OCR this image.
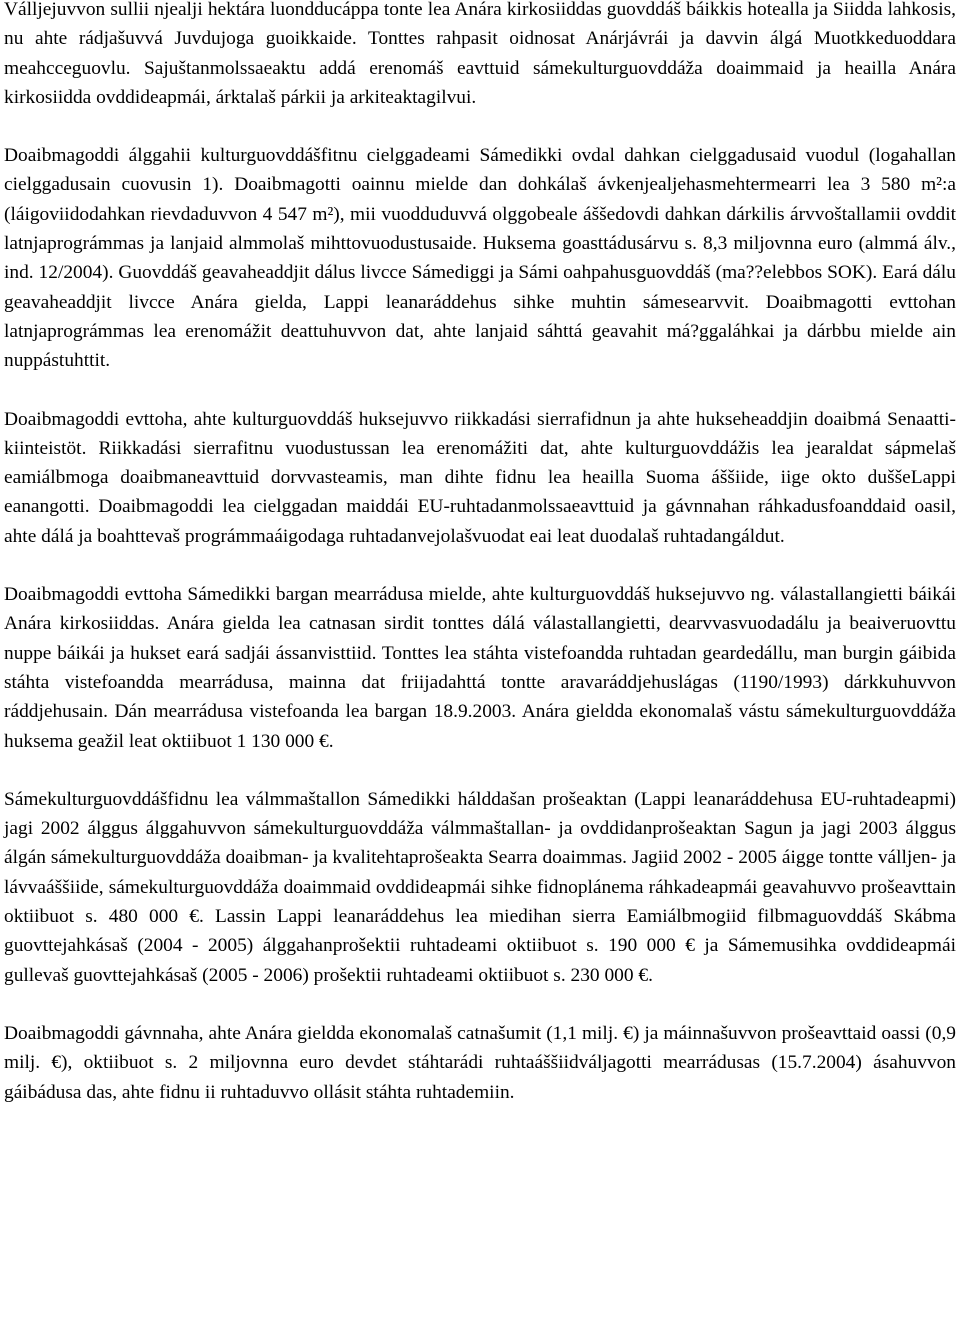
Válljejuvvon sullii njealji hektára luondducáppa tonte lea Anára kirkosiiddas guovddáš báikkis hotealla ja Siidda lahkosis, nu ahte rádjašuvvá Juvdujoga guoikkaide. Tonttes rahpasit oidnosat Anárjávrái ja davvin álgá Muotkkeduoddara meahcceguovlu. Sajuštanmolssaeaktu addá erenomáš eavttuid sámekulturguovddáža doaimmaid ja heailla Anára kirkosiidda ovddideapmái, árktalaš párkii ja arkiteaktagilvui.

Doaibmagoddi álggahii kulturguovddášfitnu cielggadeami Sámedikki ovdal dahkan cielggadusaid vuodul (logahallan cielggadusain cuovusin 1). Doaibmagotti oainnu mielde dan dohkálaš ávkenjealjehasmehtermearri lea 3 580 m²:a (láigoviidodahkan rievdaduvvon 4 547 m²), mii vuodduduvvá olggobeale áššedovdi dahkan dárkilis árvvoštallamii ovddit latnjaprográmmas ja lanjaid almmolaš mihttovuodustusaide. Huksema goasttádusárvu s. 8,3 miljovnna euro (almmá álv., ind. 12/2004). Guovddáš geavaheaddjit dálus livcce Sámediggi ja Sámi oahpahusguovddáš (ma??elebbos SOK). Eará dálu geavaheaddjit livcce Anára gielda, Lappi leanaráddehus sihke muhtin sámesearvvit. Doaibmagotti evttohan latnjaprográmmas lea erenomážit deattuhuvvon dat, ahte lanjaid sáhttá geavahit má?ggaláhkai ja dárbbu mielde ain nuppástuhttit.

Doaibmagoddi evttoha, ahte kulturguovddáš huksejuvvo riikkadási sierrafidnun ja ahte hukseheaddjin doaibmá Senaatti-kiinteistöt. Riikkadási sierrafitnu vuodustussan lea erenomážiti dat, ahte kulturguovddážis lea jearaldat sápmelaš eamiálbmoga doaibmaneavttuid dorvvasteamis, man dihte fidnu lea heailla Suoma áššiide, iige okto duššeLappi eanangotti. Doaibmagoddi lea cielggadan maiddái EU-ruhtadanmolssaeavttuid ja gávnnahan ráhkadusfoanddaid oasil, ahte dálá ja boahttevaš prográmmaáigodaga ruhtadanvejolašvuodat eai leat duodalaš ruhtadangáldut.

Doaibmagoddi evttoha Sámedikki bargan mearrádusa mielde, ahte kulturguovddáš huksejuvvo ng. válastallangietti báikái Anára kirkosiiddas. Anára gielda lea catnasan sirdit tonttes dálá válastallangietti, dearvvasvuodadálu ja beaiveruovttu nuppe báikái ja hukset eará sadjái ássanvisttiid. Tonttes lea stáhta vistefoandda ruhtadan geardedállu, man burgin gáibida stáhta vistefoandda mearrádusa, mainna dat friijadahttá tontte aravaráddjehuslágas (1190/1993) dárkkuhuvvon ráddjehusain. Dán mearrádusa vistefoanda lea bargan 18.9.2003. Anára gieldda ekonomalaš vástu sámekulturguovddáža huksema geažil leat oktiibuot 1 130 000 €.

Sámekulturguovddášfidnu lea válmmaštallon Sámedikki hálddašan prošeaktan (Lappi leanaráddehusa EU-ruhtadeapmi) jagi 2002 álggus álggahuvvon sámekulturguovddáža válmmaštallan- ja ovddidanprošeaktan Sagun ja jagi 2003 álggus álgán sámekulturguovddáža doaibman- ja kvalitehtaprošeakta Searra doaimmas. Jagiid 2002 - 2005 áigge tontte válljen- ja lávvaáššiide, sámekulturguovddáža doaimmaid ovddideapmái sihke fidnoplánema ráhkadeapmái geavahuvvo prošeavttain oktiibuot s. 480 000 €. Lassin Lappi leanaráddehus lea miedihan sierra Eamiálbmogiid filbmaguovddáš Skábma guovttejahkásaš (2004 - 2005) álggahanprošektii ruhtadeami oktiibuot s. 190 000 € ja Sámemusihka ovddideapmái gullevaš guovttejahkásaš (2005 - 2006) prošektii ruhtadeami oktiibuot s. 230 000 €.

Doaibmagoddi gávnnaha, ahte Anára gieldda ekonomalaš catnašumit (1,1 milj. €) ja máinnašuvvon prošeavttaid oassi (0,9 milj. €), oktiibuot s. 2 miljovnna euro devdet stáhtarádi ruhtaáššiidváljagotti mearrádusas (15.7.2004) ásahuvvon gáibádusa das, ahte fidnu ii ruhtaduvvo ollásit stáhta ruhtademiin.
